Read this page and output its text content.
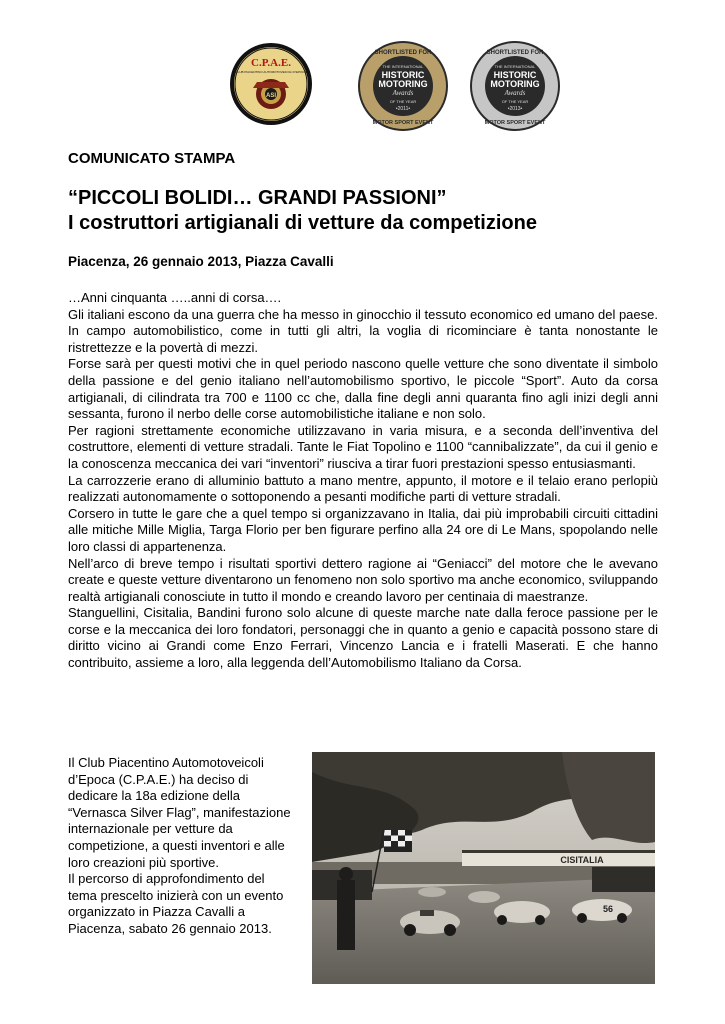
C.P.A.E.
CLUB PIACENTINO AUTOMOTOVEICOLI D'EPOCA
ASI
SHORTLISTED FOR
THE INTERNATIONAL
HISTORIC
MOTORING
Awards
OF THE YEAR
•2011•
MOTOR SPORT EVENT
SHORTLISTED FOR
THE INTERNATIONAL
HISTORIC
MOTORING
Awards
OF THE YEAR
•2013•
MOTOR SPORT EVENT
COMUNICATO STAMPA
“PICCOLI BOLIDI… GRANDI PASSIONI”
I costruttori artigianali di vetture da competizione
Piacenza, 26 gennaio 2013, Piazza Cavalli

…Anni cinquanta …..anni di corsa….

Gli italiani escono da una guerra che ha messo in ginocchio il tessuto economico ed umano del paese. In campo automobilistico, come in tutti gli altri, la voglia di ricominciare è tanta nonostante le ristrettezze e la povertà di mezzi.

Forse sarà per questi motivi che in quel periodo nascono quelle vetture che sono diventate il simbolo della passione e del genio italiano nell’automobilismo sportivo, le piccole “Sport”. Auto da corsa artigianali, di cilindrata tra 700 e 1100 cc che, dalla fine degli anni quaranta fino agli inizi degli anni sessanta, furono il nerbo delle corse automobilistiche italiane e non solo.

Per ragioni strettamente economiche utilizzavano in varia misura, e a seconda dell’inventiva del costruttore, elementi di vetture stradali. Tante le Fiat Topolino e 1100 “cannibalizzate”, da cui il genio e la conoscenza meccanica dei vari “inventori” riusciva a tirar fuori prestazioni spesso entusiasmanti.

La carrozzerie erano di alluminio battuto a mano mentre, appunto, il motore e il telaio erano perlopiù realizzati autonomamente o sottoponendo a pesanti modifiche parti di vetture stradali.

Corsero in tutte le gare che a quel tempo si organizzavano in Italia, dai più improbabili circuiti cittadini alle mitiche Mille Miglia, Targa Florio per ben figurare perfino alla 24 ore di Le Mans, spopolando nelle loro classi di appartenenza.

Nell’arco di breve tempo i risultati sportivi dettero ragione ai “Geniacci” del motore che le avevano create e queste vetture diventarono un fenomeno non solo sportivo ma anche economico, sviluppando realtà artigianali conosciute in tutto il mondo e creando lavoro per centinaia di maestranze.

Stanguellini, Cisitalia, Bandini furono solo alcune di queste marche nate dalla feroce passione per le corse e la meccanica dei loro fondatori, personaggi che in quanto a genio e capacità possono stare di diritto vicino ai Grandi come Enzo Ferrari, Vincenzo Lancia e i fratelli Maserati. E che hanno contribuito, assieme a loro, alla leggenda dell’Automobilismo Italiano da Corsa.

Il Club Piacentino Automotoveicoli d’Epoca (C.P.A.E.) ha deciso di dedicare la 18a edizione della “Vernasca Silver Flag”, manifestazione internazionale per vetture da competizione, a questi inventori e alle loro creazioni più sportive.

Il percorso di approfondimento del tema prescelto inizierà con un evento organizzato in Piazza Cavalli a Piacenza, sabato 26 gennaio 2013.

CISITALIA
56
